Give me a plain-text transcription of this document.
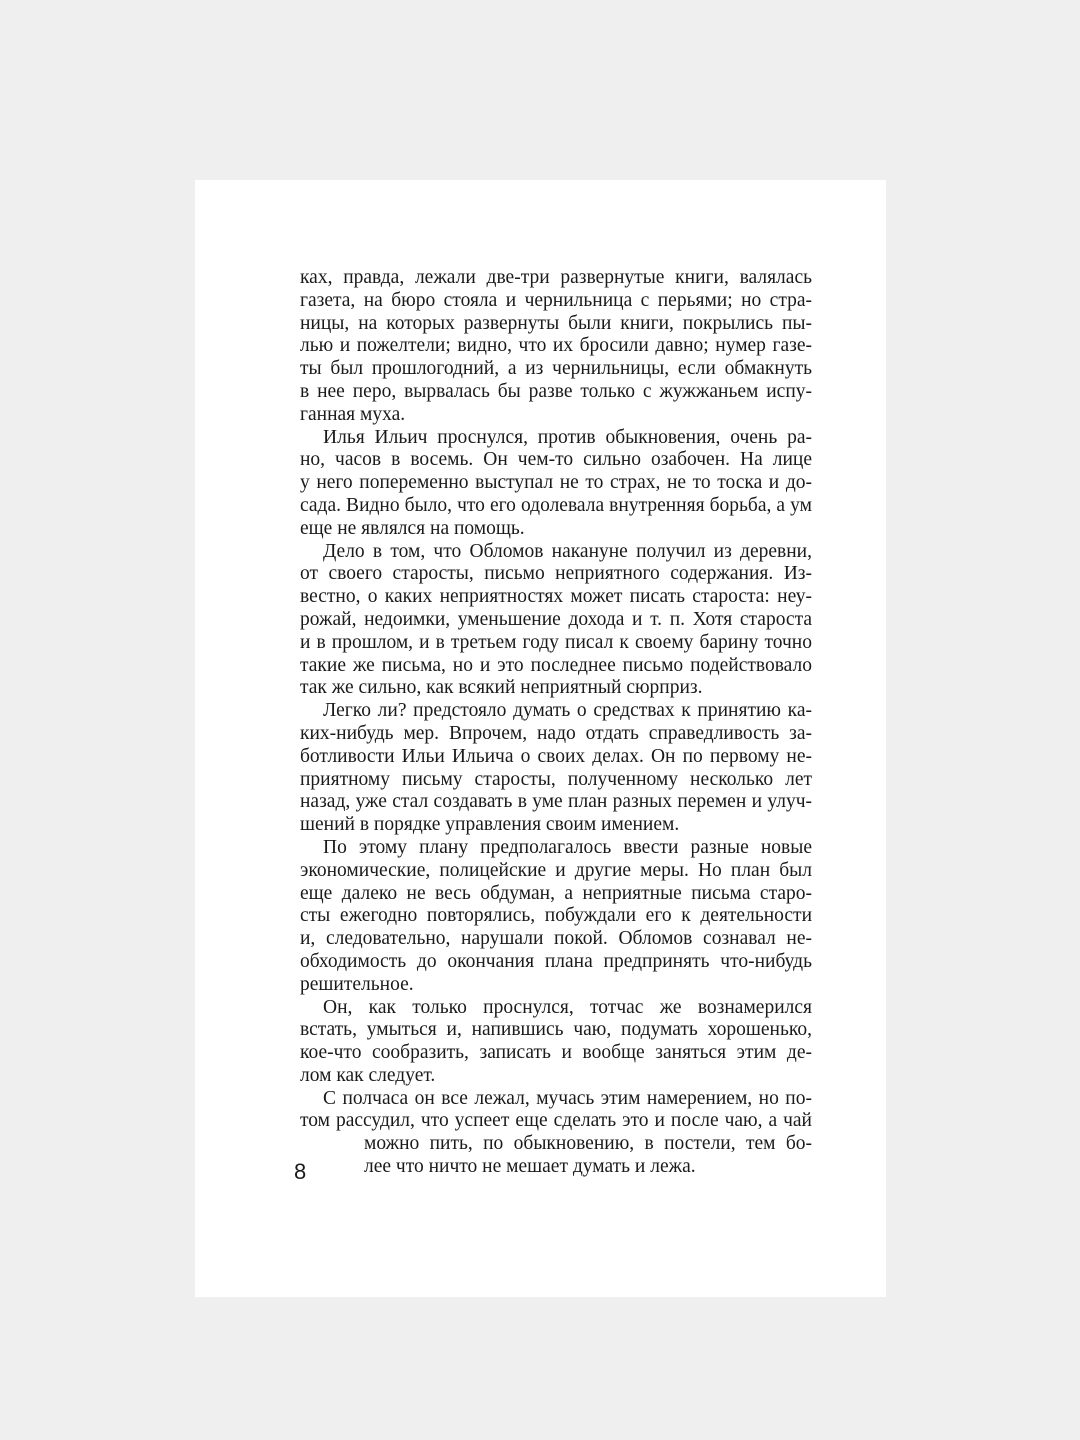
ках, правда, лежали две-три развернутые книги, валялась
газета, на бюро стояла и чернильница с перьями; но стра-
ницы, на которых развернуты были книги, покрылись пы-
лью и пожелтели; видно, что их бросили давно; нумер газе-
ты был прошлогодний, а из чернильницы, если обмакнуть
в нее перо, вырвалась бы разве только с жужжаньем испу-
ганная муха.
Илья Ильич проснулся, против обыкновения, очень ра-
но, часов в восемь. Он чем-то сильно озабочен. На лице
у него попеременно выступал не то страх, не то тоска и до-
сада. Видно было, что его одолевала внутренняя борьба, а ум
еще не являлся на помощь.
Дело в том, что Обломов накануне получил из деревни,
от своего старосты, письмо неприятного содержания. Из-
вестно, о каких неприятностях может писать староста: неу-
рожай, недоимки, уменьшение дохода и т. п. Хотя староста
и в прошлом, и в третьем году писал к своему барину точно
такие же письма, но и это последнее письмо подействовало
так же сильно, как всякий неприятный сюрприз.
Легко ли? предстояло думать о средствах к принятию ка-
ких-нибудь мер. Впрочем, надо отдать справедливость за-
ботливости Ильи Ильича о своих делах. Он по первому не-
приятному письму старосты, полученному несколько лет
назад, уже стал создавать в уме план разных перемен и улуч-
шений в порядке управления своим имением.
По этому плану предполагалось ввести разные новые
экономические, полицейские и другие меры. Но план был
еще далеко не весь обдуман, а неприятные письма старо-
сты ежегодно повторялись, побуждали его к деятельности
и, следовательно, нарушали покой. Обломов сознавал не-
обходимость до окончания плана предпринять что-нибудь
решительное.
Он, как только проснулся, тотчас же вознамерился
встать, умыться и, напившись чаю, подумать хорошенько,
кое-что сообразить, записать и вообще заняться этим де-
лом как следует.
С полчаса он все лежал, мучась этим намерением, но по-
том рассудил, что успеет еще сделать это и после чаю, а чай
можно пить, по обыкновению, в постели, тем бо-
лее что ничто не мешает думать и лежа.
8
